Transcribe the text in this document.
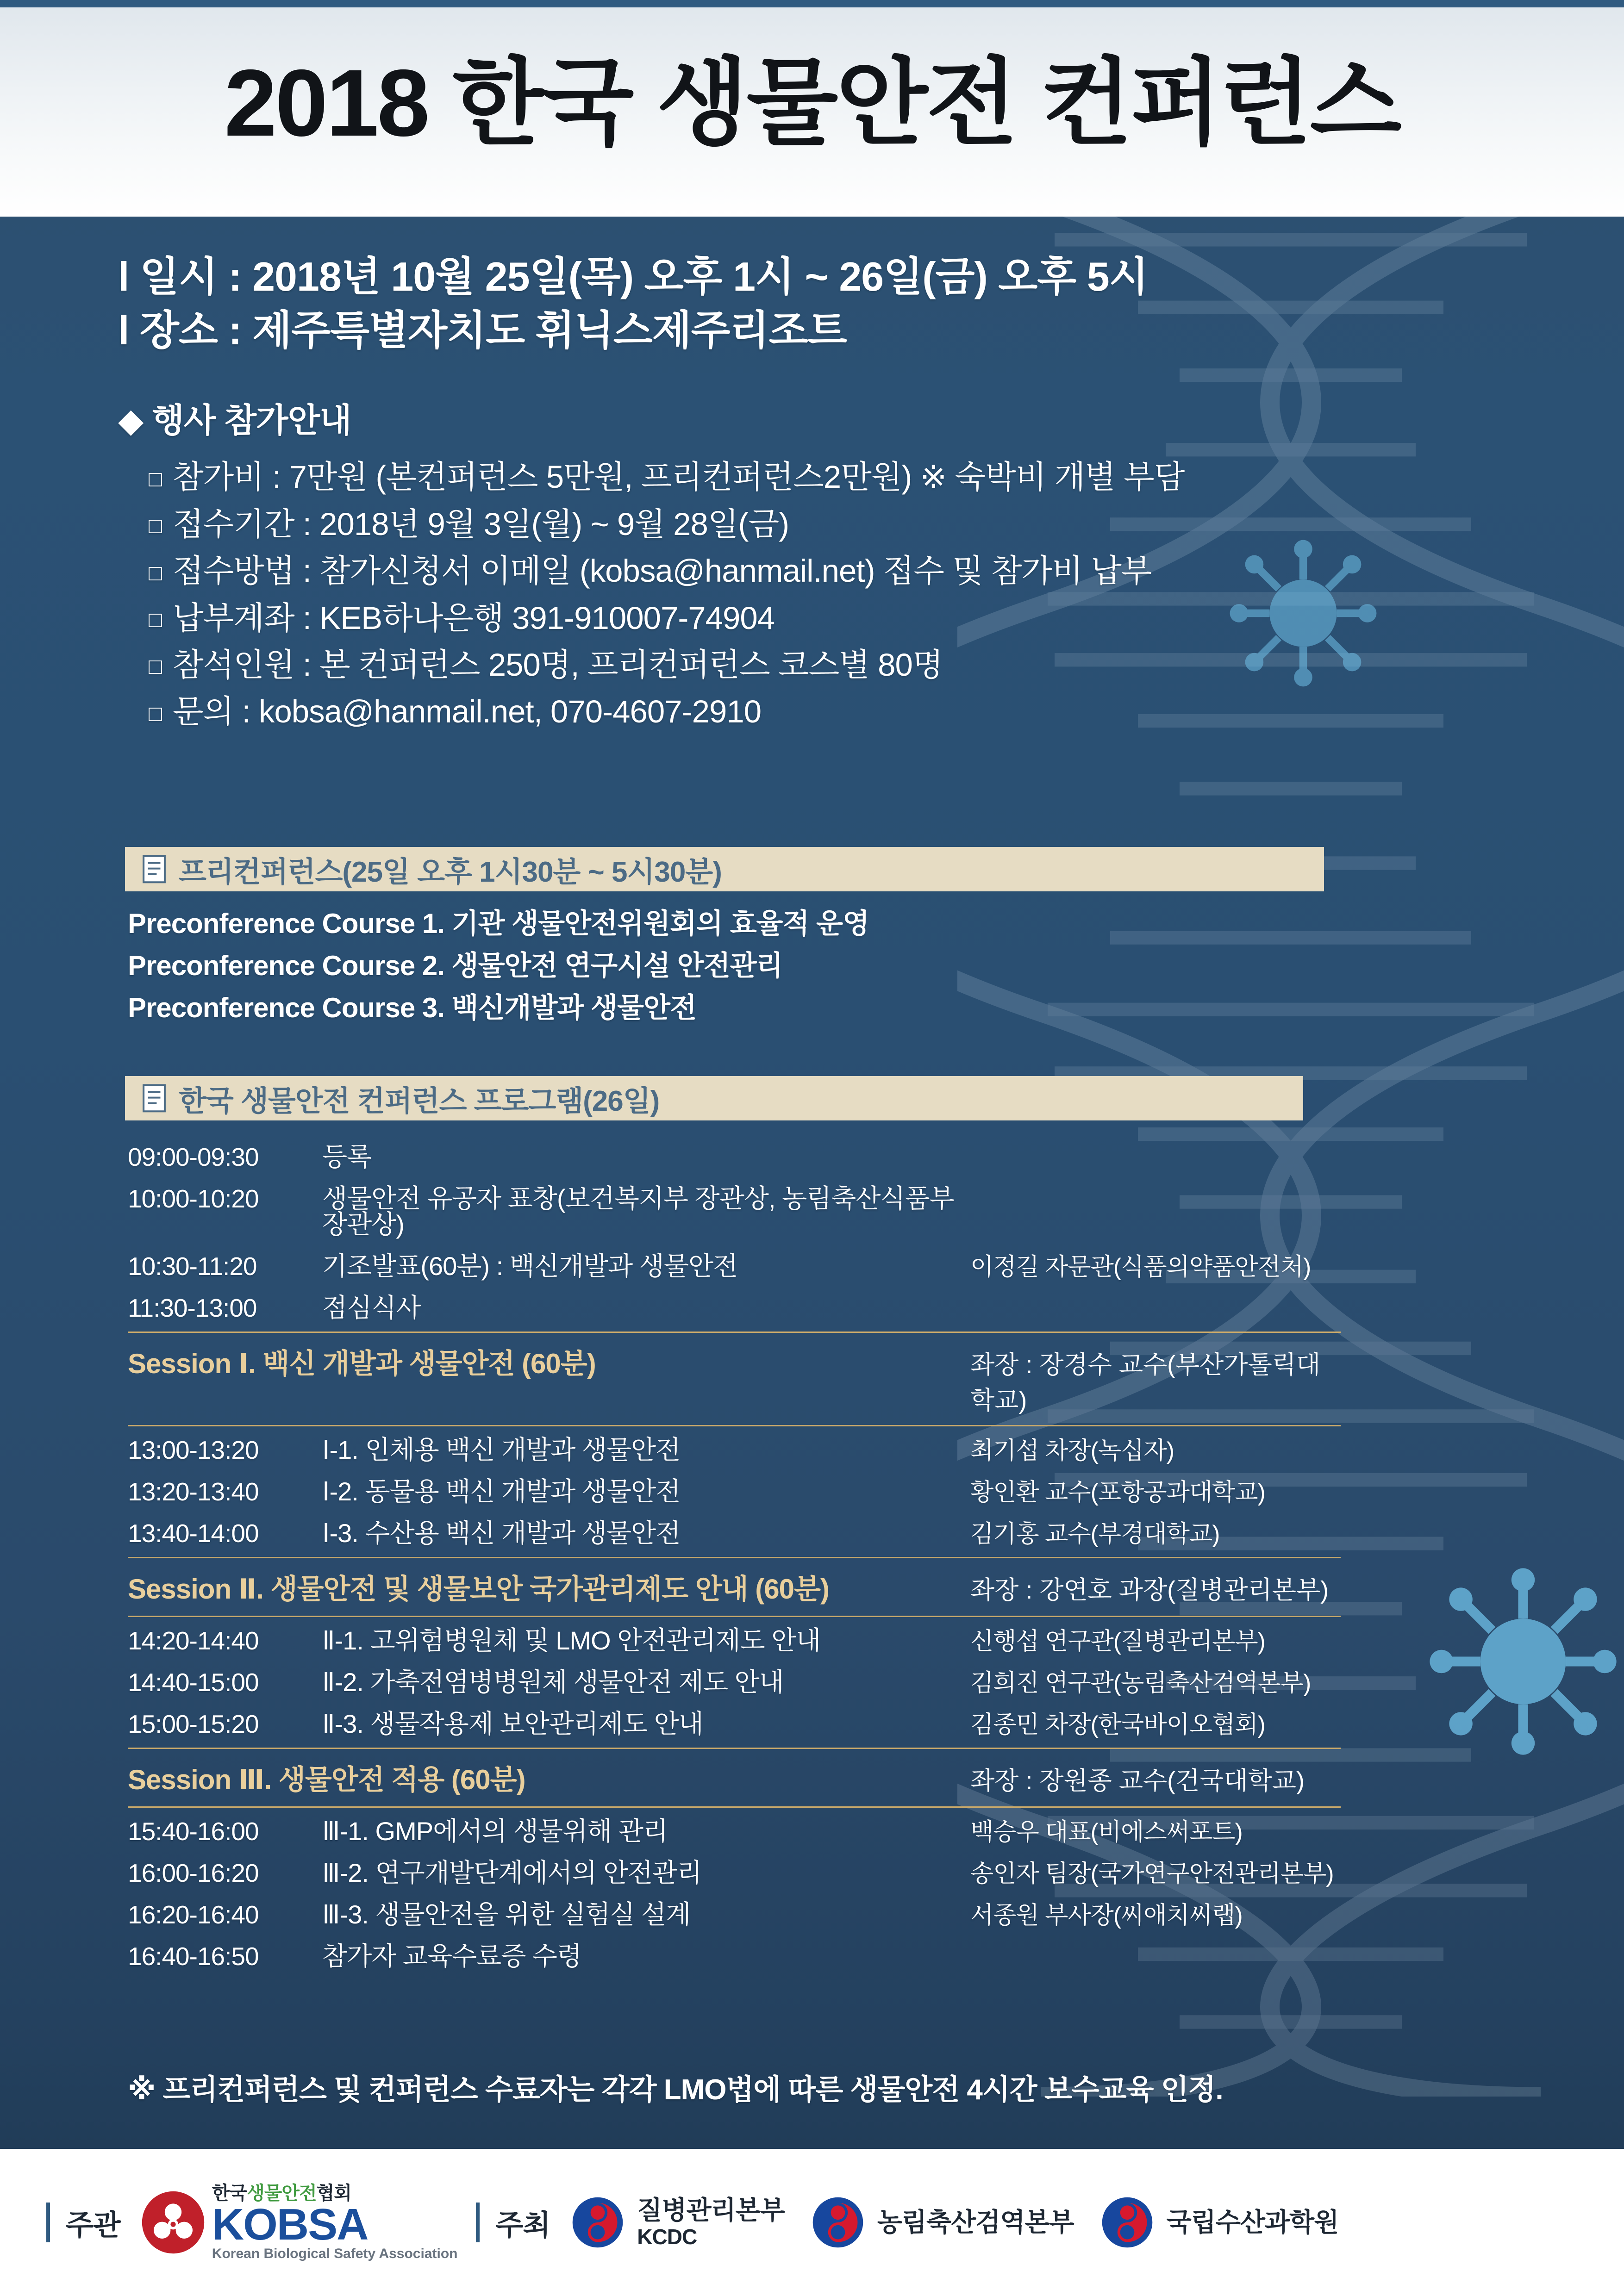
2018 한국 생물안전 컨퍼런스
l 일시 : 2018년 10월 25일(목) 오후 1시 ~ 26일(금) 오후 5시
l 장소 : 제주특별자치도 휘닉스제주리조트
◆ 행사 참가안내
□ 참가비 : 7만원 (본컨퍼런스 5만원, 프리컨퍼런스2만원) ※ 숙박비 개별 부담
□ 접수기간 : 2018년 9월 3일(월) ~ 9월 28일(금)
□ 접수방법 : 참가신청서 이메일 (kobsa@hanmail.net) 접수 및 참가비 납부
□ 납부계좌 : KEB하나은행 391-910007-74904
□ 참석인원 : 본 컨퍼런스 250명, 프리컨퍼런스 코스별 80명
□ 문의 : kobsa@hanmail.net, 070-4607-2910
프리컨퍼런스(25일 오후 1시30분 ~ 5시30분)
Preconference Course 1. 기관 생물안전위원회의 효율적 운영
Preconference Course 2. 생물안전 연구시설 안전관리
Preconference Course 3. 백신개발과 생물안전
한국 생물안전 컨퍼런스 프로그램(26일)
09:00-09:30	등록
10:00-10:20	생물안전 유공자 표창(보건복지부 장관상, 농림축산식품부 장관상)
10:30-11:20	기조발표(60분) : 백신개발과 생물안전	이정길 자문관(식품의약품안전처)
11:30-13:00	점심식사
Session Ⅰ. 백신 개발과 생물안전 (60분)	좌장 : 장경수 교수(부산가톨릭대학교)
13:00-13:20	Ⅰ-1. 인체용 백신 개발과 생물안전	최기섭 차장(녹십자)
13:20-13:40	Ⅰ-2. 동물용 백신 개발과 생물안전	황인환 교수(포항공과대학교)
13:40-14:00	Ⅰ-3. 수산용 백신 개발과 생물안전	김기홍 교수(부경대학교)
Session Ⅱ. 생물안전 및 생물보안 국가관리제도 안내 (60분)	좌장 : 강연호 과장(질병관리본부)
14:20-14:40	Ⅱ-1. 고위험병원체 및 LMO 안전관리제도 안내	신행섭 연구관(질병관리본부)
14:40-15:00	Ⅱ-2. 가축전염병병원체 생물안전 제도 안내	김희진 연구관(농림축산검역본부)
15:00-15:20	Ⅱ-3. 생물작용제 보안관리제도 안내	김종민 차장(한국바이오협회)
Session Ⅲ. 생물안전 적용 (60분)	좌장 : 장원종 교수(건국대학교)
15:40-16:00	Ⅲ-1. GMP에서의 생물위해 관리	백승우 대표(비에스써포트)
16:00-16:20	Ⅲ-2. 연구개발단계에서의 안전관리	송인자 팀장(국가연구안전관리본부)
16:20-16:40	Ⅲ-3. 생물안전을 위한 실험실 설계	서종원 부사장(씨애치씨랩)
16:40-16:50	참가자 교육수료증 수령
※ 프리컨퍼런스 및 컨퍼런스 수료자는 각각 LMO법에 따른 생물안전 4시간 보수교육 인정.
주관
한국생물안전협회
KOBSA
Korean Biological Safety Association
주최	질병관리본부
KCDC	농림축산검역본부	국립수산과학원
